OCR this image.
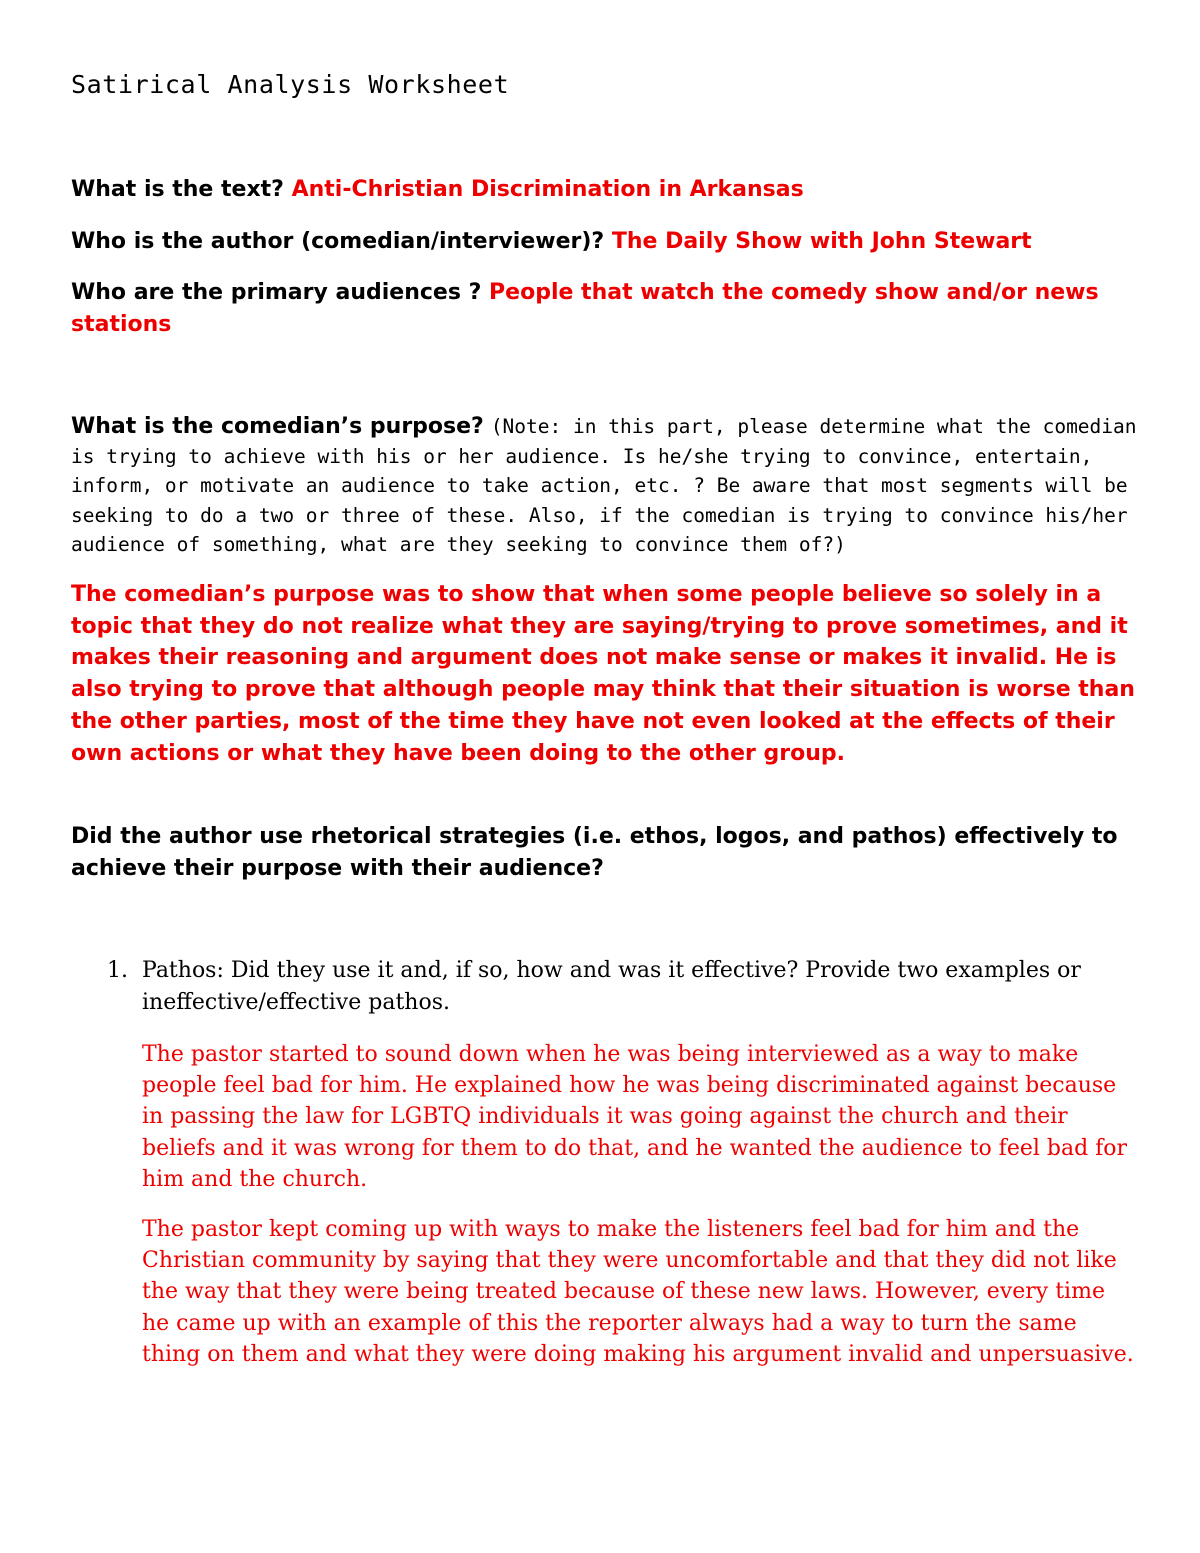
Satirical Analysis Worksheet

What is the text? Anti-Christian Discrimination in Arkansas

Who is the author (comedian/interviewer)? The Daily Show with John Stewart

Who are the primary audiences ? People that watch the comedy show and/or news stations

What is the comedian’s purpose? (Note: in this part, please determine what the comedian is trying to achieve with his or her audience. Is he/she trying to convince, entertain, inform, or motivate an audience to take action, etc. ? Be aware that most segments will be seeking to do a two or three of these. Also, if the comedian is trying to convince his/her audience of something, what are they seeking to convince them of?)

The comedian’s purpose was to show that when some people believe so solely in a topic that they do not realize what they are saying/trying to prove sometimes, and it makes their reasoning and argument does not make sense or makes it invalid. He is also trying to prove that although people may think that their situation is worse than the other parties, most of the time they have not even looked at the effects of their own actions or what they have been doing to the other group.

Did the author use rhetorical strategies (i.e. ethos, logos, and pathos) effectively to achieve their purpose with their audience?

1. Pathos: Did they use it and, if so, how and was it effective? Provide two examples or ineffective/effective pathos.

The pastor started to sound down when he was being interviewed as a way to make people feel bad for him. He explained how he was being discriminated against because in passing the law for LGBTQ individuals it was going against the church and their beliefs and it was wrong for them to do that, and he wanted the audience to feel bad for him and the church.

The pastor kept coming up with ways to make the listeners feel bad for him and the Christian community by saying that they were uncomfortable and that they did not like the way that they were being treated because of these new laws. However, every time he came up with an example of this the reporter always had a way to turn the same thing on them and what they were doing making his argument invalid and unpersuasive.
